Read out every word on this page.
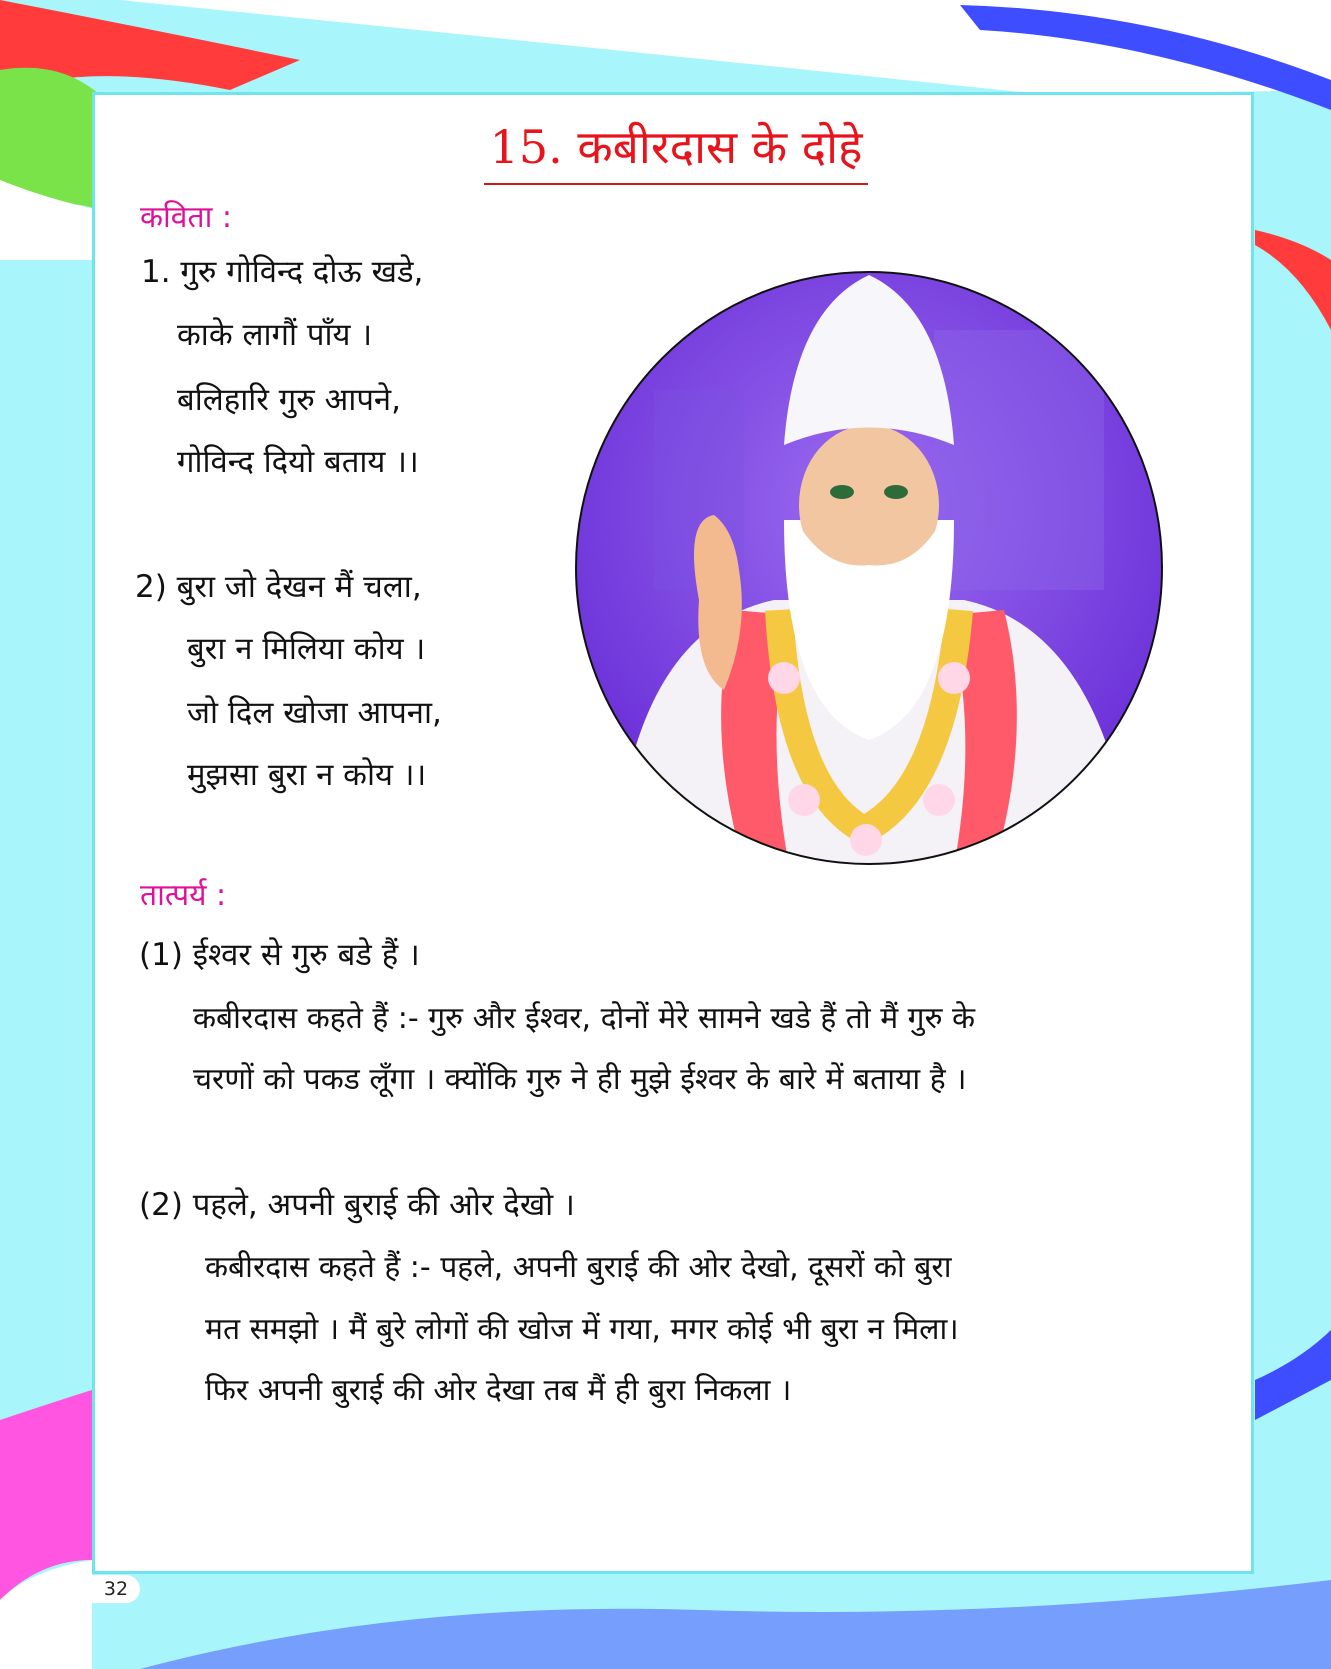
15. कबीरदास के दोहे
कविता :
1. गुरु गोविन्द दोऊ खडे,
काके लागौं पाँय ।
बलिहारि गुरु आपने,
गोविन्द दियो बताय ।।
2) बुरा जो देखन मैं चला,
बुरा न मिलिया कोय ।
जो दिल खोजा आपना,
मुझसा बुरा न कोय ।।
तात्पर्य :
(1) ईश्वर से गुरु बडे हैं ।
कबीरदास कहते हैं :- गुरु और ईश्वर, दोनों मेरे सामने खडे हैं तो मैं गुरु के
चरणों को पकड लूँगा । क्योंकि गुरु ने ही मुझे ईश्वर के बारे में बताया है ।
(2) पहले, अपनी बुराई की ओर देखो ।
कबीरदास कहते हैं :- पहले, अपनी बुराई की ओर देखो, दूसरों को बुरा
मत समझो । मैं बुरे लोगों की खोज में गया, मगर कोई भी बुरा न मिला।
फिर अपनी बुराई की ओर देखा तब मैं ही बुरा निकला ।
32
